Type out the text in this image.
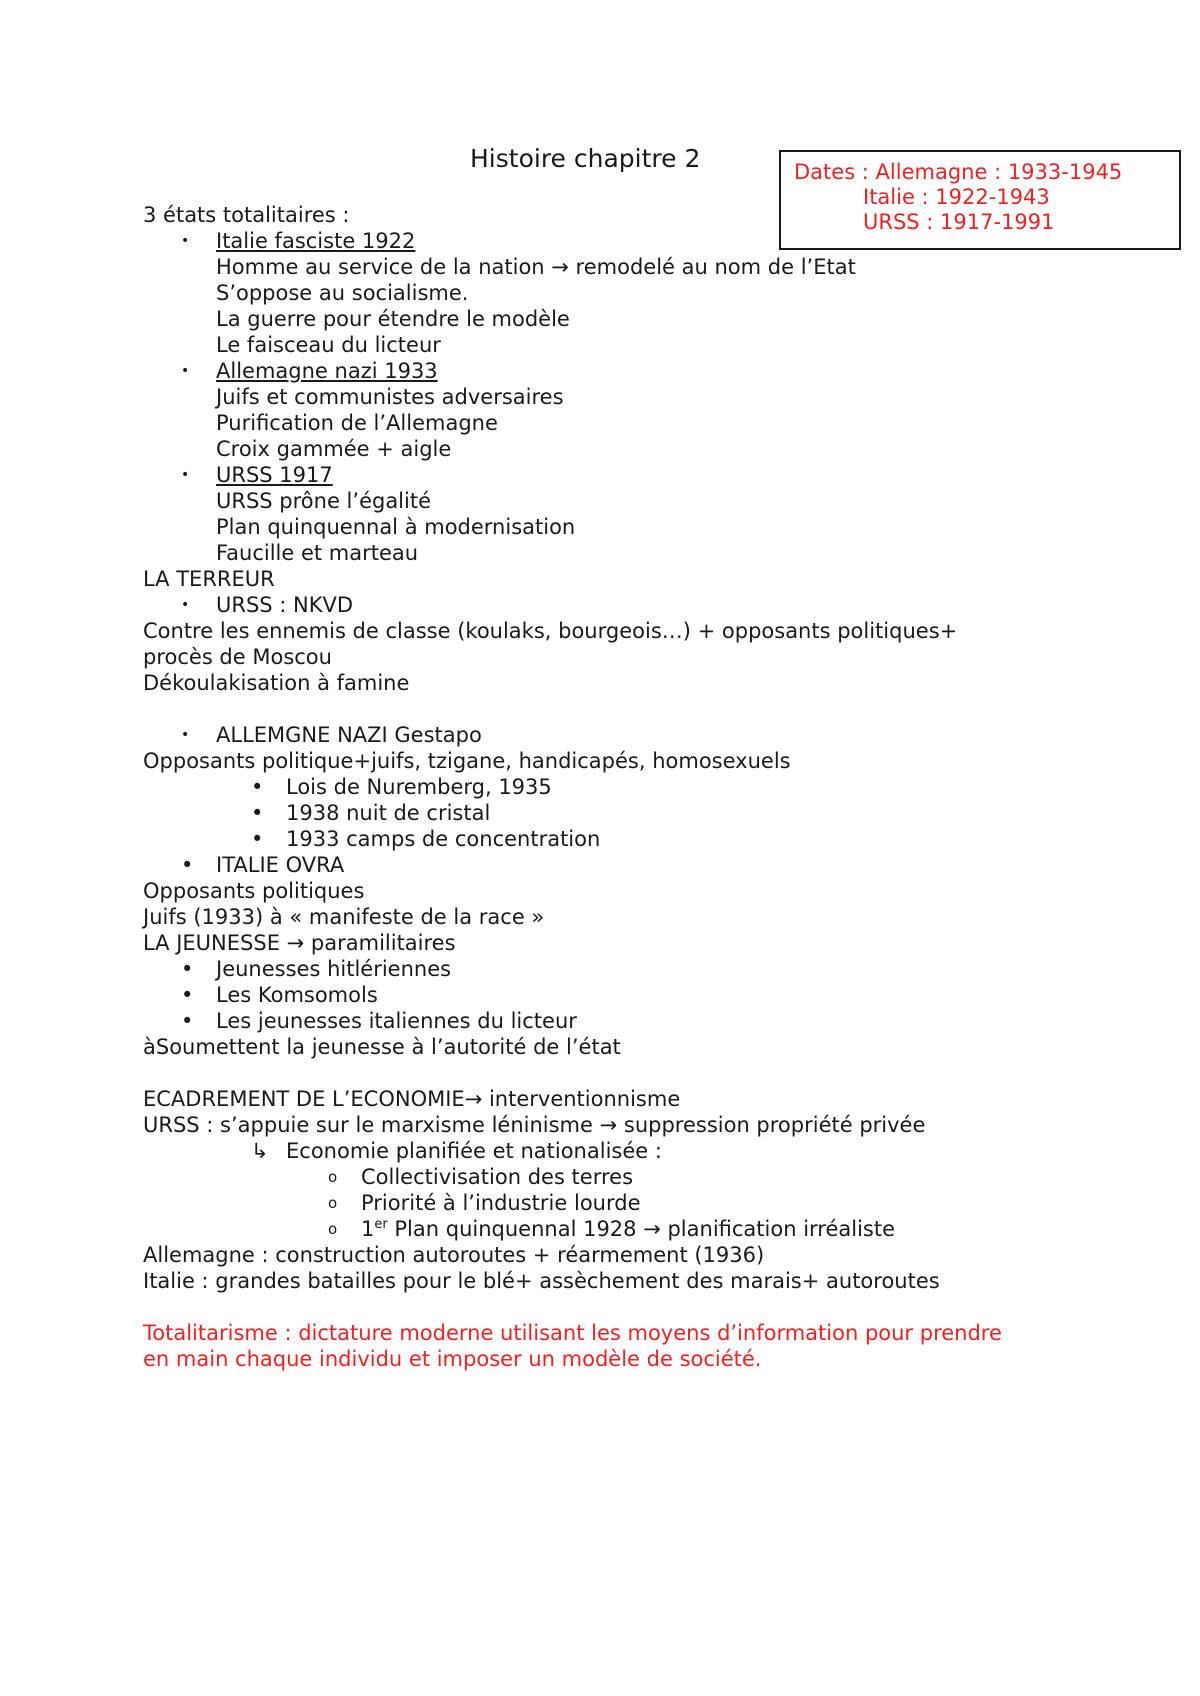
Histoire chapitre 2	Dates : Allemagne : 1933-1945
Italie : 1922-1943
URSS : 1917-1991
3 états totalitaires :
• Italie fasciste 1922
Homme au service de la nation → remodelé au nom de l’Etat
S’oppose au socialisme.
La guerre pour étendre le modèle
Le faisceau du licteur
• Allemagne nazi 1933
Juifs et communistes adversaires
Purification de l’Allemagne
Croix gammée + aigle
• URSS 1917
URSS prône l’égalité
Plan quinquennal à modernisation
Faucille et marteau
LA TERREUR
• URSS : NKVD
Contre les ennemis de classe (koulaks, bourgeois…) + opposants politiques+
procès de Moscou
Dékoulakisation à famine
• ALLEMGNE NAZI Gestapo
Opposants politique+juifs, tzigane, handicapés, homosexuels
• Lois de Nuremberg, 1935
• 1938 nuit de cristal
• 1933 camps de concentration
• ITALIE OVRA
Opposants politiques
Juifs (1933) à « manifeste de la race »
LA JEUNESSE → paramilitaires
• Jeunesses hitlériennes
• Les Komsomols
• Les jeunesses italiennes du licteur
àSoumettent la jeunesse à l’autorité de l’état
ECADREMENT DE L’ECONOMIE→ interventionnisme
URSS : s’appuie sur le marxisme léninisme → suppression propriété privée
↳ Economie planifiée et nationalisée :
o Collectivisation des terres
o Priorité à l’industrie lourde
o 1er Plan quinquennal 1928 → planification irréaliste
Allemagne : construction autoroutes + réarmement (1936)
Italie : grandes batailles pour le blé+ assèchement des marais+ autoroutes
Totalitarisme : dictature moderne utilisant les moyens d’information pour prendre
en main chaque individu et imposer un modèle de société.
